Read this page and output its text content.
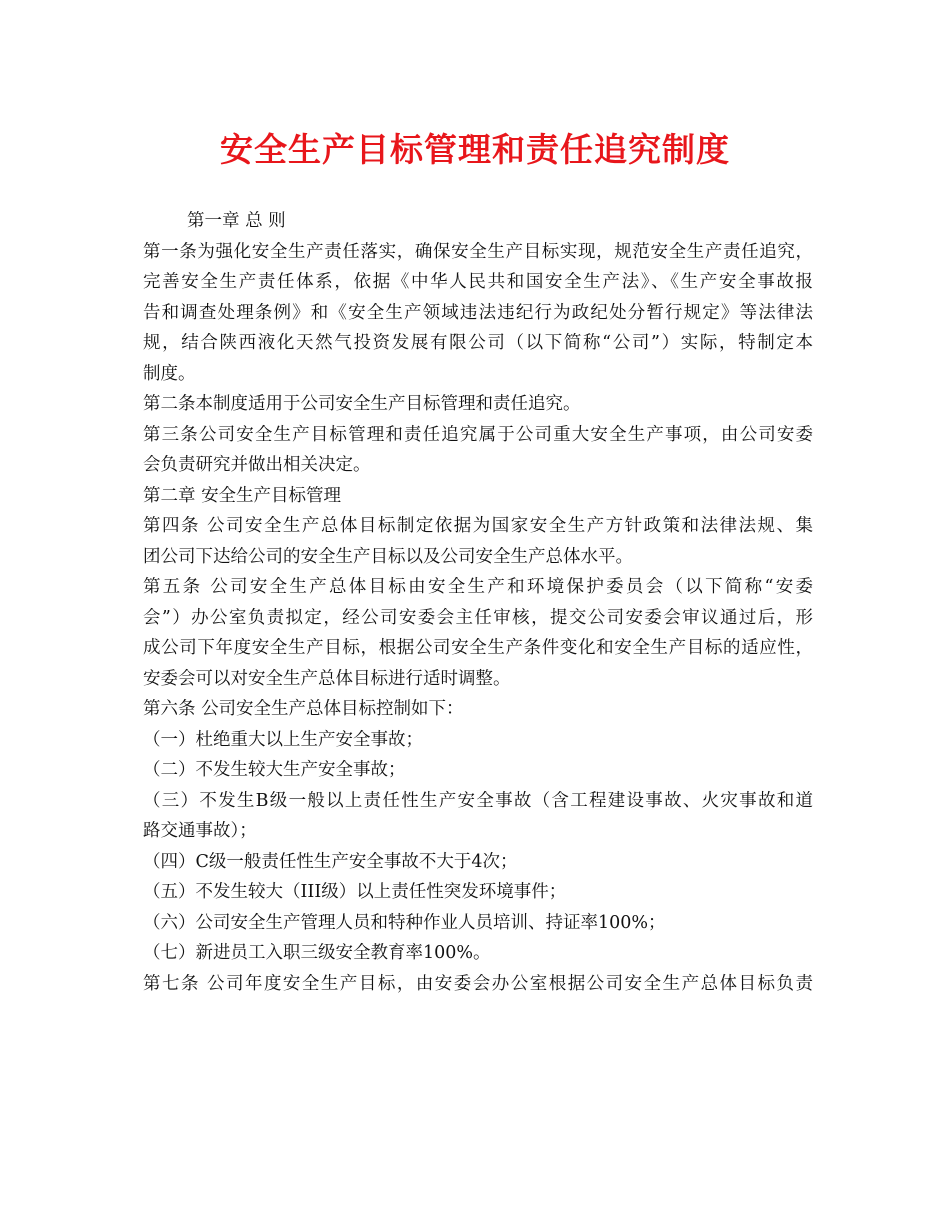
安全生产目标管理和责任追究制度
第一章 总 则
第一条为强化安全生产责任落实，确保安全生产目标实现，规范安全生产责任追究，
完善安全生产责任体系，依据《中华人民共和国安全生产法》、《生产安全事故报
告和调查处理条例》和《安全生产领域违法违纪行为政纪处分暂行规定》等法律法
规，结合陕西液化天然气投资发展有限公司（以下简称“公司”）实际，特制定本
制度。
第二条本制度适用于公司安全生产目标管理和责任追究。
第三条公司安全生产目标管理和责任追究属于公司重大安全生产事项，由公司安委
会负责研究并做出相关决定。
第二章 安全生产目标管理
第四条 公司安全生产总体目标制定依据为国家安全生产方针政策和法律法规、集
团公司下达给公司的安全生产目标以及公司安全生产总体水平。
第五条 公司安全生产总体目标由安全生产和环境保护委员会（以下简称“安委
会”）办公室负责拟定，经公司安委会主任审核，提交公司安委会审议通过后，形
成公司下年度安全生产目标，根据公司安全生产条件变化和安全生产目标的适应性，
安委会可以对安全生产总体目标进行适时调整。
第六条 公司安全生产总体目标控制如下：
（一）杜绝重大以上生产安全事故；
（二）不发生较大生产安全事故；
（三）不发生B级一般以上责任性生产安全事故（含工程建设事故、火灾事故和道
路交通事故）；
（四）C级一般责任性生产安全事故不大于4次；
（五）不发生较大（III级）以上责任性突发环境事件；
（六）公司安全生产管理人员和特种作业人员培训、持证率100%；
（七）新进员工入职三级安全教育率100%。
第七条 公司年度安全生产目标，由安委会办公室根据公司安全生产总体目标负责
